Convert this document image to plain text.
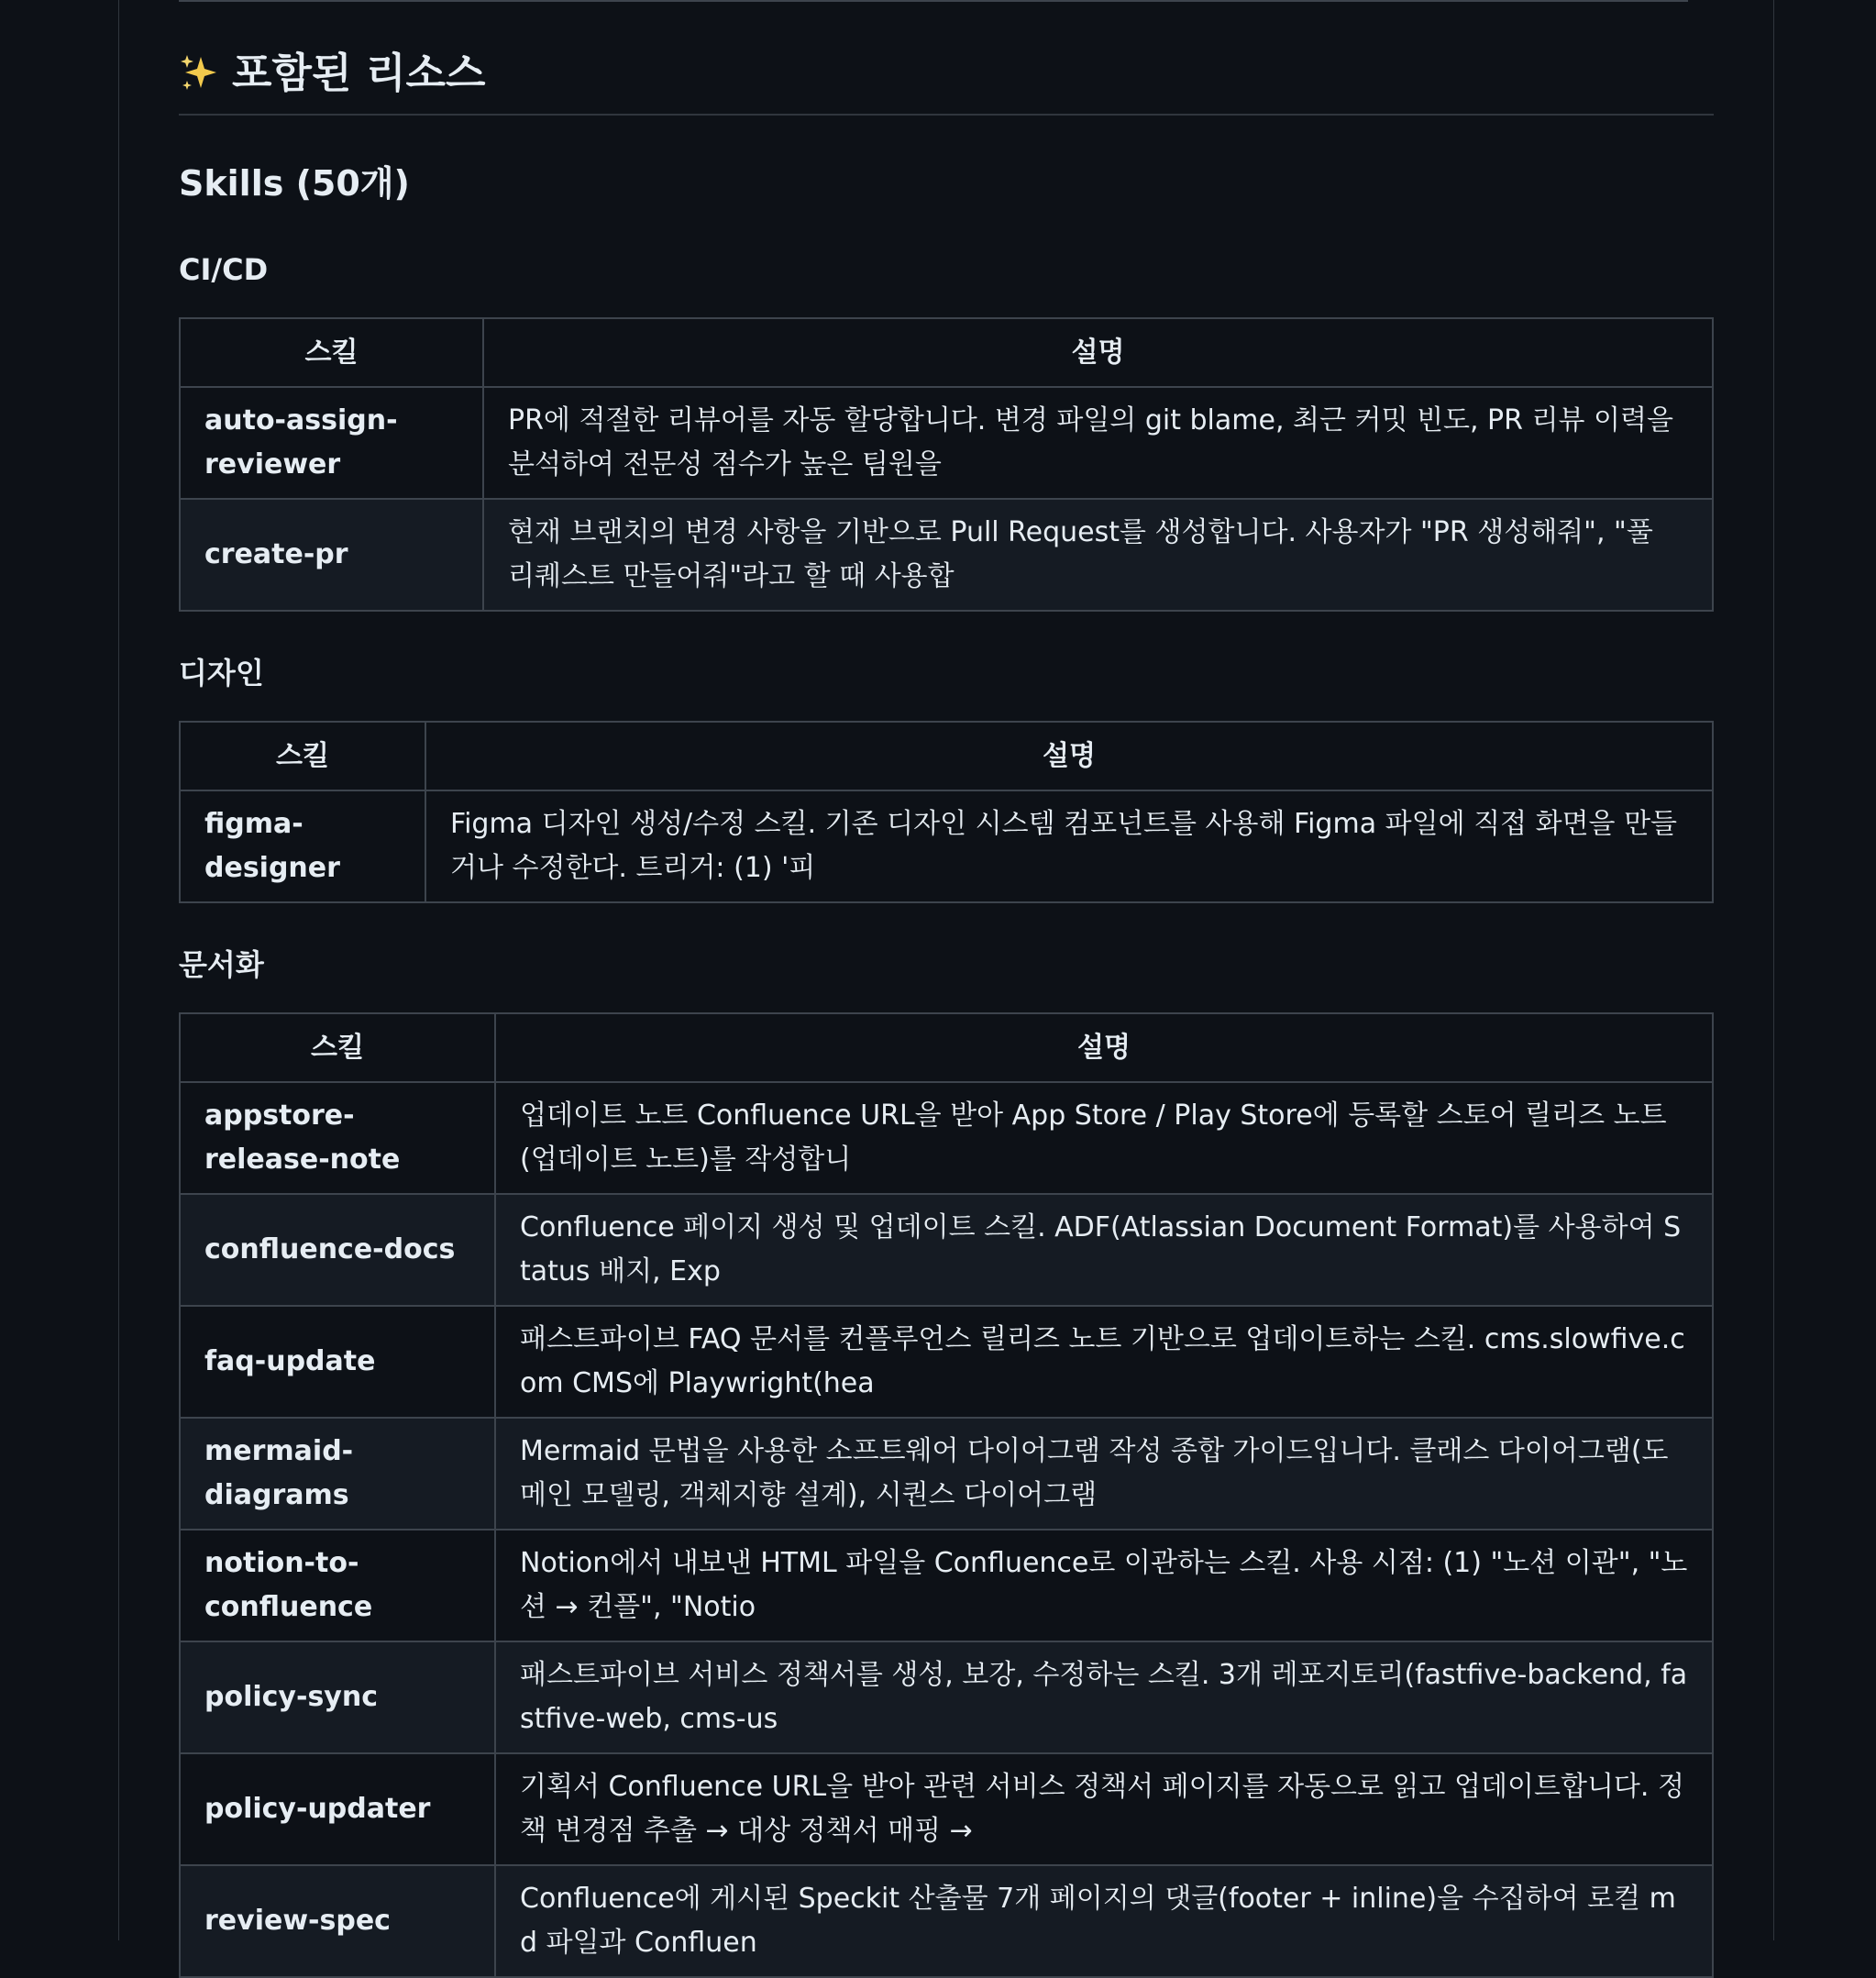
포함된 리소스
Skills (50개)
CI/CD
스킬	설명
auto-assign-reviewer	PR에 적절한 리뷰어를 자동 할당합니다. 변경 파일의 git blame, 최근 커밋 빈도, PR 리뷰 이력을 분석하여 전문성 점수가 높은 팀원을
create-pr	현재 브랜치의 변경 사항을 기반으로 Pull Request를 생성합니다. 사용자가 "PR 생성해줘", "풀 리퀘스트 만들어줘"라고 할 때 사용합
디자인
스킬	설명
figma-designer	Figma 디자인 생성/수정 스킬. 기존 디자인 시스템 컴포넌트를 사용해 Figma 파일에 직접 화면을 만들거나 수정한다. 트리거: (1) '피
문서화
스킬	설명
appstore-release-note	업데이트 노트 Confluence URL을 받아 App Store / Play Store에 등록할 스토어 릴리즈 노트(업데이트 노트)를 작성합니
confluence-docs	Confluence 페이지 생성 및 업데이트 스킬. ADF(Atlassian Document Format)를 사용하여 Status 배지, Exp
faq-update	패스트파이브 FAQ 문서를 컨플루언스 릴리즈 노트 기반으로 업데이트하는 스킬. cms.slowfive.com CMS에 Playwright(hea
mermaid-diagrams	Mermaid 문법을 사용한 소프트웨어 다이어그램 작성 종합 가이드입니다. 클래스 다이어그램(도메인 모델링, 객체지향 설계), 시퀀스 다이어그램
notion-to-confluence	Notion에서 내보낸 HTML 파일을 Confluence로 이관하는 스킬. 사용 시점: (1) "노션 이관", "노션 → 컨플", "Notio
policy-sync	패스트파이브 서비스 정책서를 생성, 보강, 수정하는 스킬. 3개 레포지토리(fastfive-backend, fastfive-web, cms-us
policy-updater	기획서 Confluence URL을 받아 관련 서비스 정책서 페이지를 자동으로 읽고 업데이트합니다. 정책 변경점 추출 → 대상 정책서 매핑 →
review-spec	Confluence에 게시된 Speckit 산출물 7개 페이지의 댓글(footer + inline)을 수집하여 로컬 md 파일과 Confluen
